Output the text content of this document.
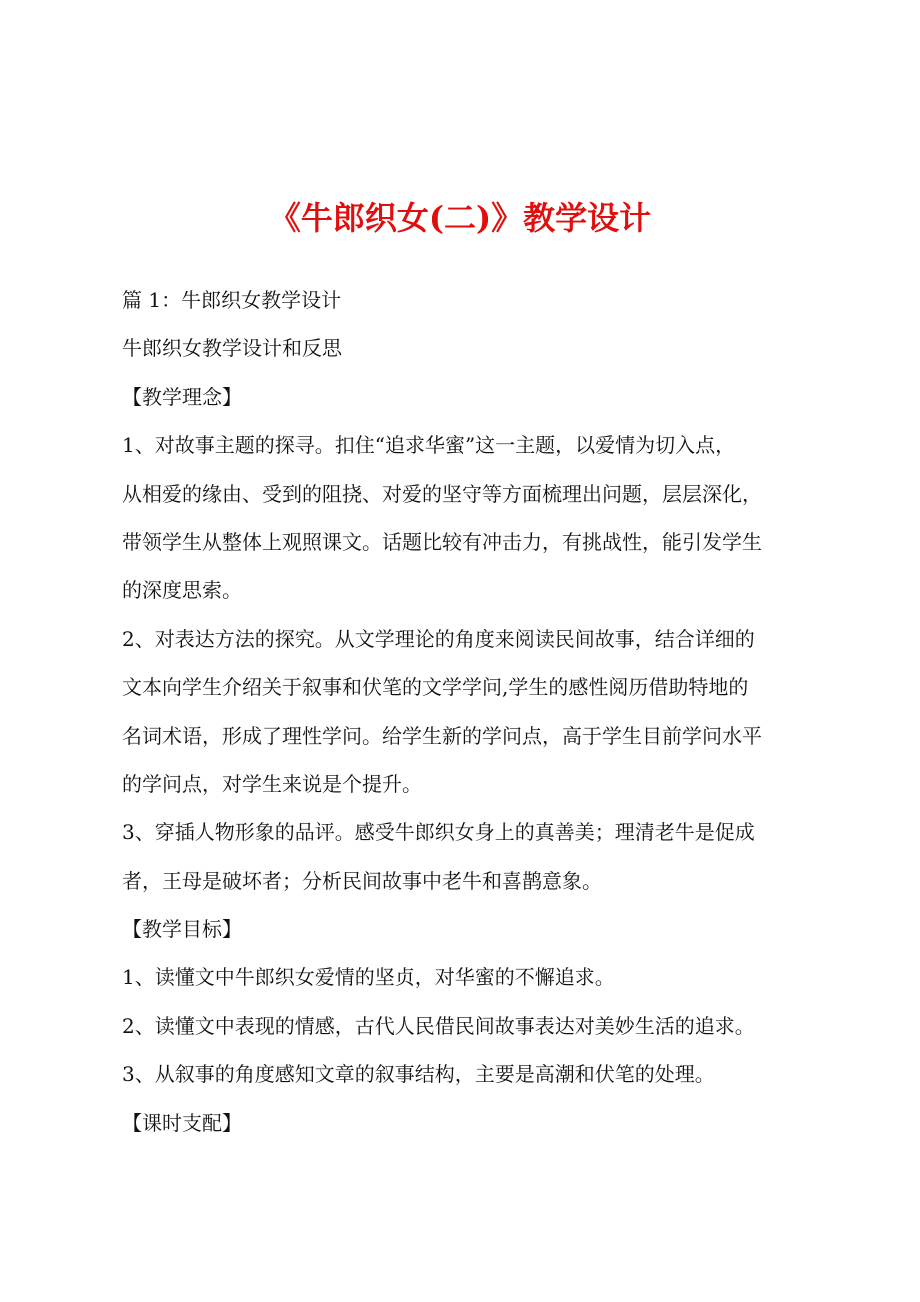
《牛郎织女(二)》教学设计

篇 1：牛郎织女教学设计

牛郎织女教学设计和反思

【教学理念】

1、对故事主题的探寻。扣住“追求华蜜”这一主题，以爱情为切入点，

从相爱的缘由、受到的阻挠、对爱的坚守等方面梳理出问题，层层深化，

带领学生从整体上观照课文。话题比较有冲击力，有挑战性，能引发学生

的深度思索。

2、对表达方法的探究。从文学理论的角度来阅读民间故事，结合详细的

文本向学生介绍关于叙事和伏笔的文学学问,学生的感性阅历借助特地的

名词术语，形成了理性学问。给学生新的学问点，高于学生目前学问水平

的学问点，对学生来说是个提升。

3、穿插人物形象的品评。感受牛郎织女身上的真善美；理清老牛是促成

者，王母是破坏者；分析民间故事中老牛和喜鹊意象。

【教学目标】

1、读懂文中牛郎织女爱情的坚贞，对华蜜的不懈追求。

2、读懂文中表现的情感，古代人民借民间故事表达对美妙生活的追求。

3、从叙事的角度感知文章的叙事结构，主要是高潮和伏笔的处理。

【课时支配】
